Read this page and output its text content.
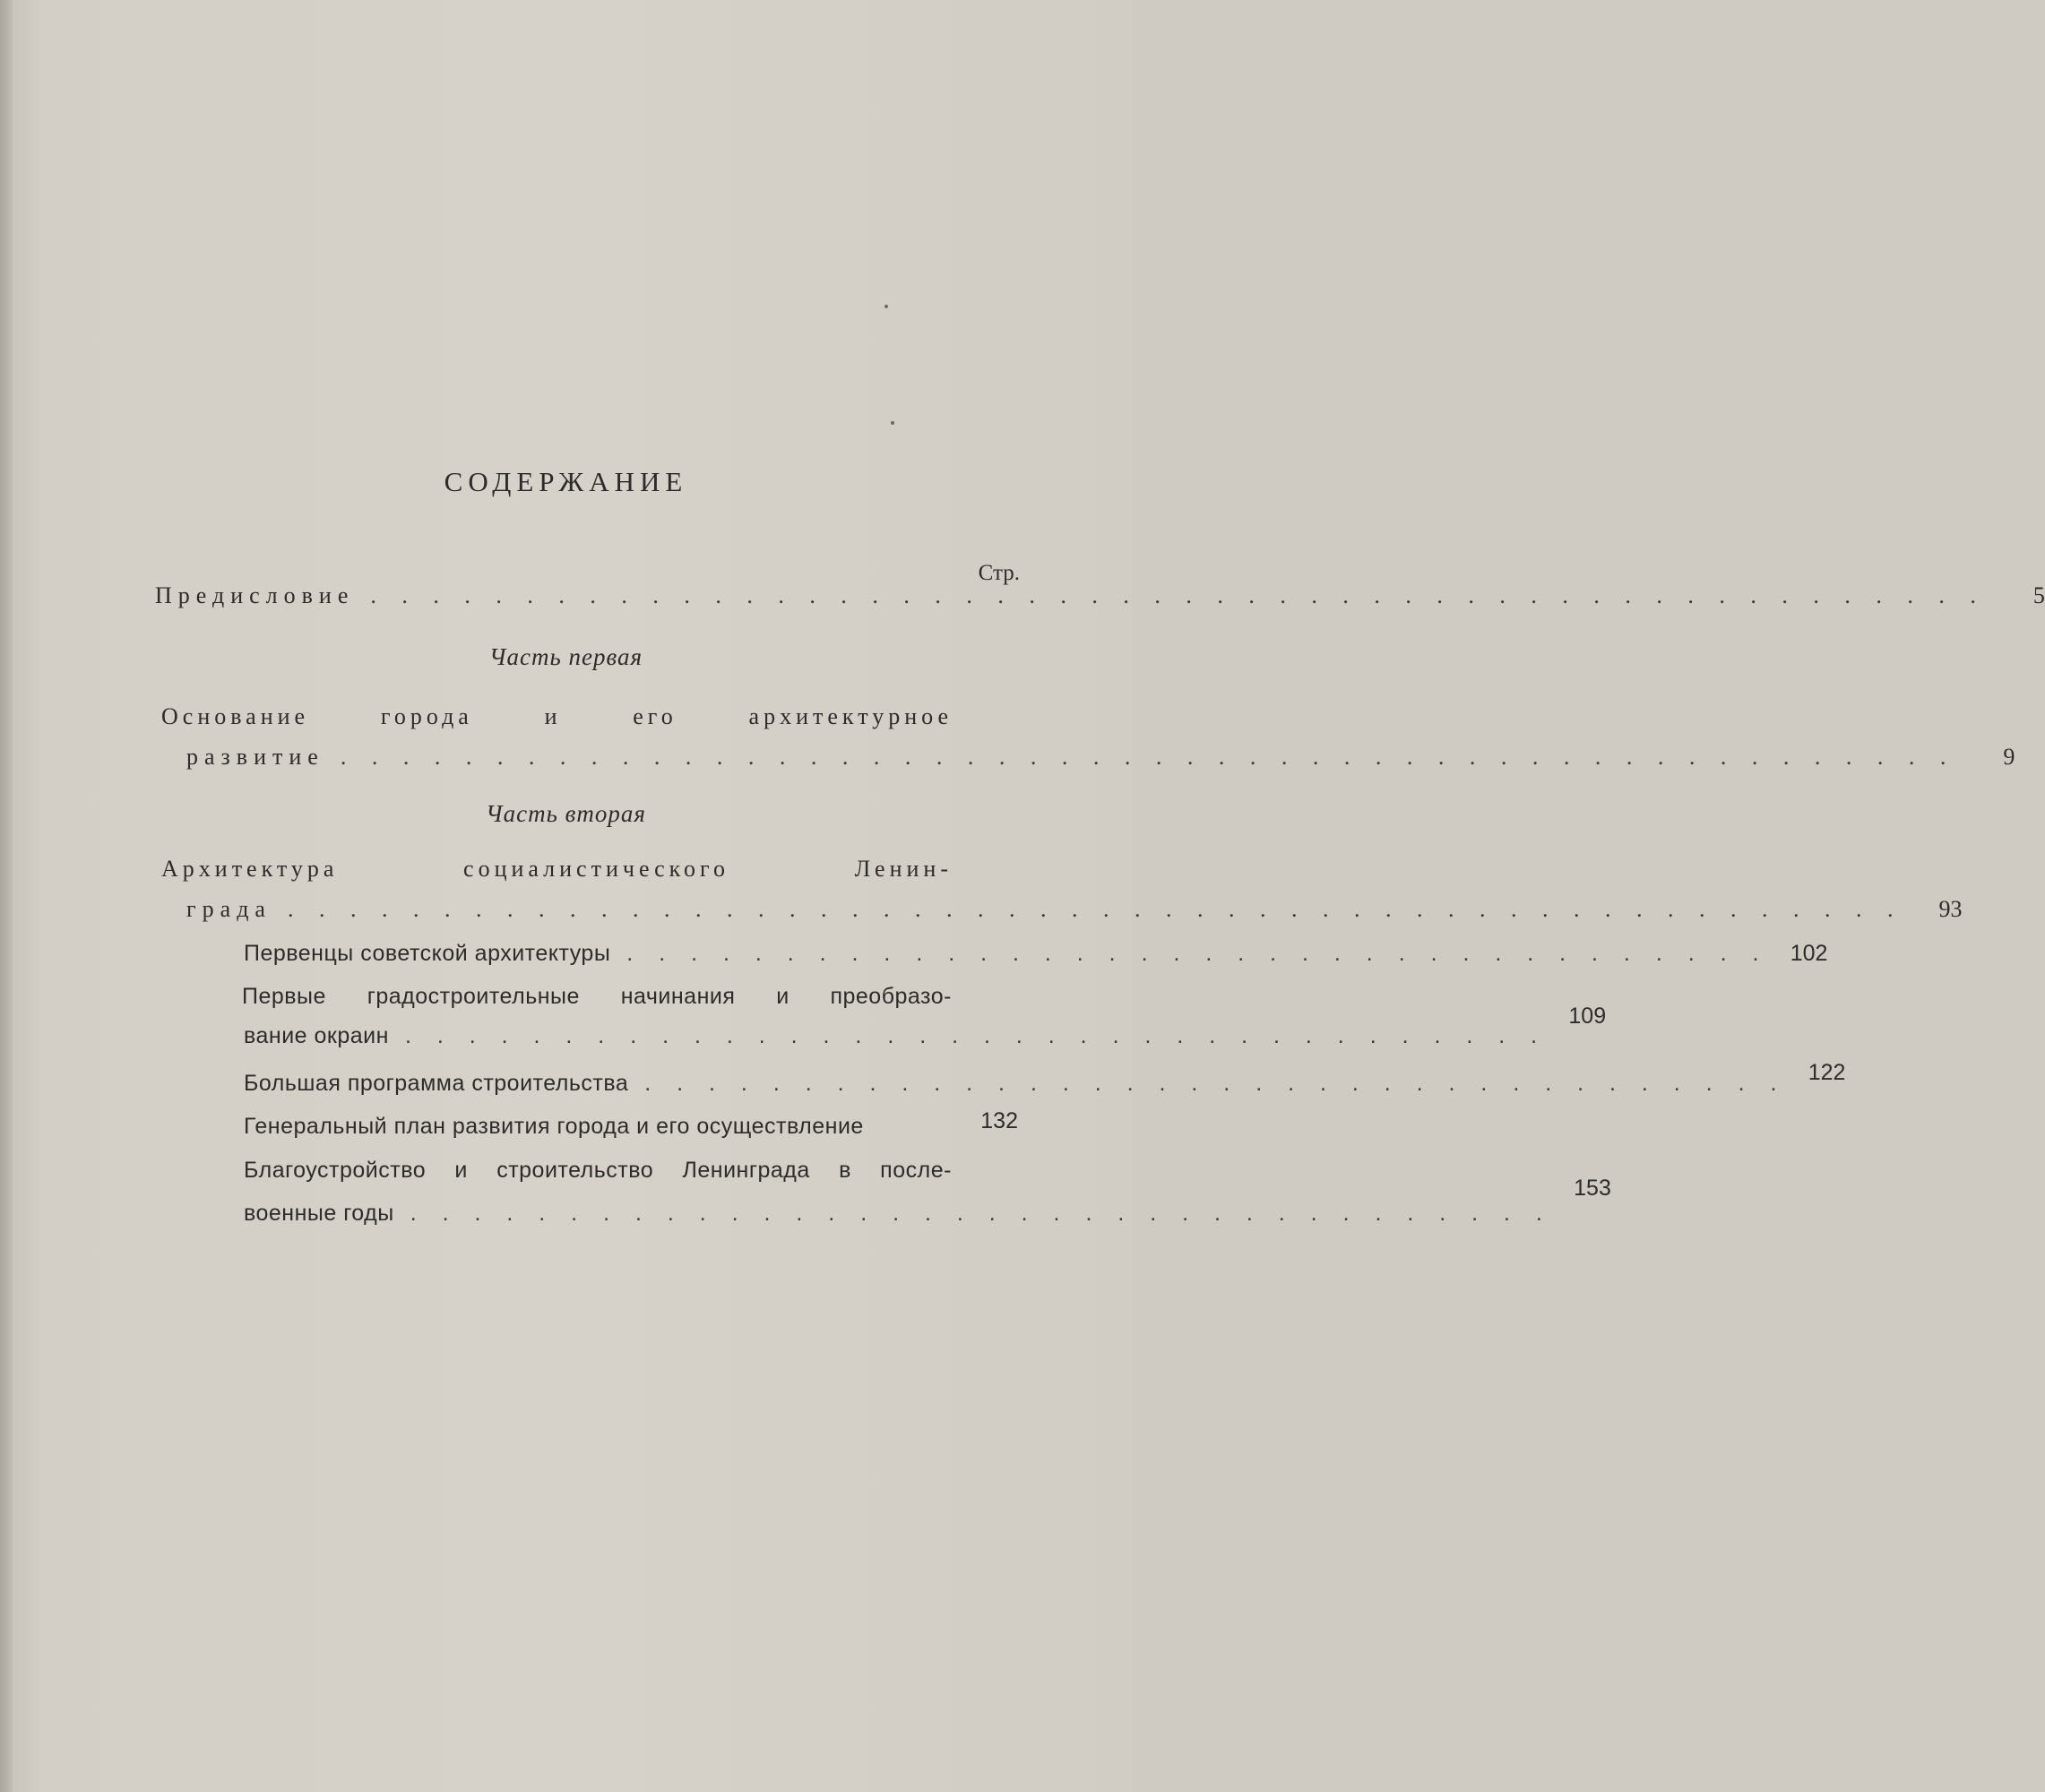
СОДЕРЖАНИЕ
Стр.
Предисловие . . . . . . . . . . . . . . . . . . . . . . . . . . . . . . . . . . . . . . . . . . . . . . . . . . . .	5
Часть первая
Основание	города	и	его	архитектурное
развитие . . . . . . . . . . . . . . . . . . . . . . . . . . . . . . . . . . . . . . . . . . . . . . . . . . . .	9
Часть вторая
Архитектура	социалистического	Ленин-
града . . . . . . . . . . . . . . . . . . . . . . . . . . . . . . . . . . . . . . . . . . . . . . . . . . . .	93
Первенцы советской архитектуры . . . . . . . . . . . . . . . . . . . . . . . . . . . . . . . . . . . . 102
Первые градостроительные начинания и преобразо-
вание окраин . . . . . . . . . . . . . . . . . . . . . . . . . . . . . . . . . . . .
109
Большая программа строительства . . . . . . . . . . . . . . . . . . . . . . . . . . . . . . . . . . . . 122
Генеральный план развития города и его осуществление	132
Благоустройство и строительство Ленинграда в после-
военные годы . . . . . . . . . . . . . . . . . . . . . . . . . . . . . . . . . . . .
153
